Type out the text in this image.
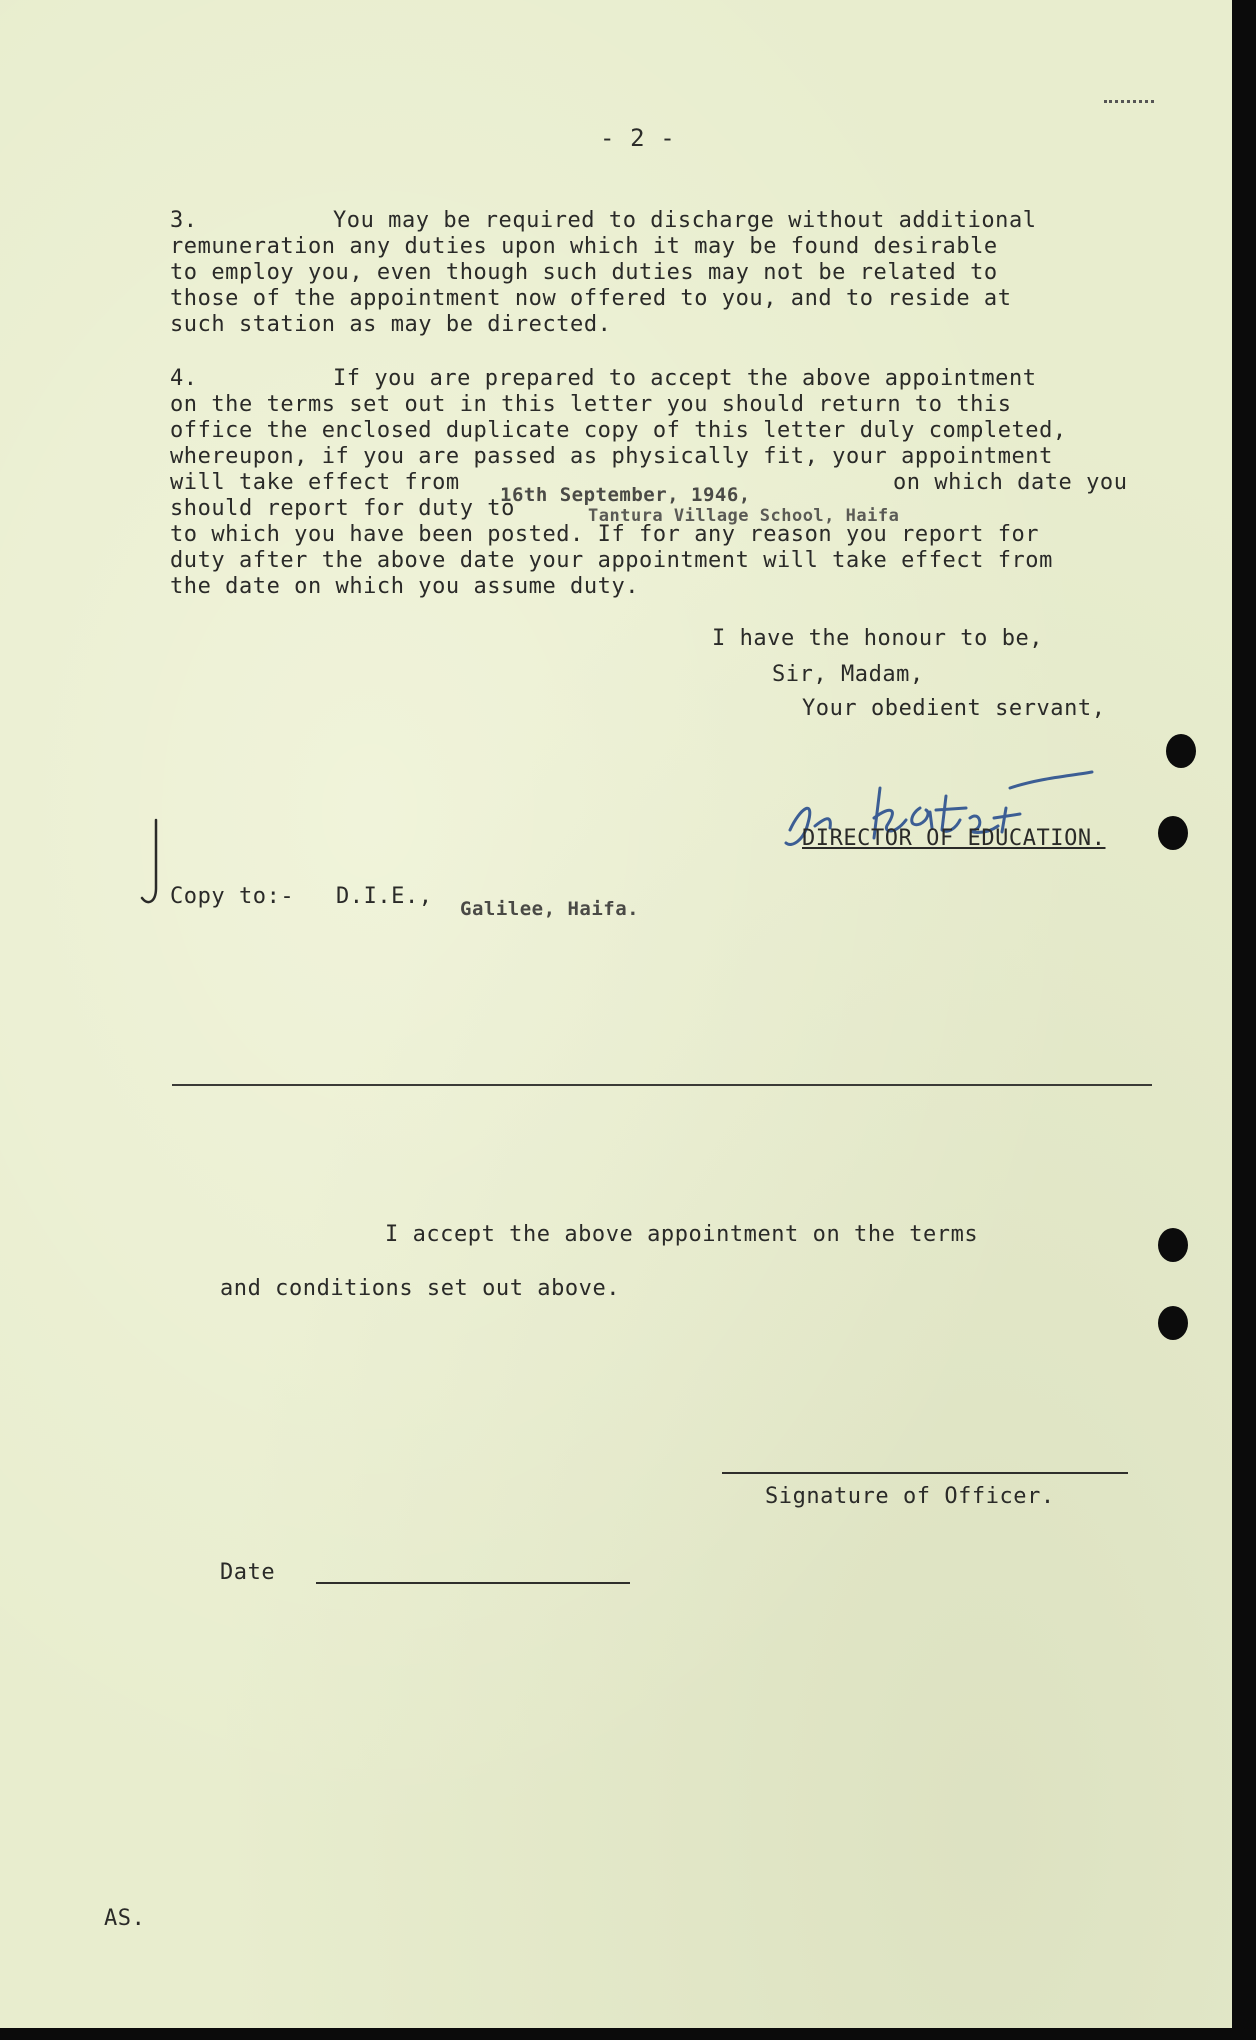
- 2 -
3.	You may be required to discharge without additional
remuneration any duties upon which it may be found desirable
to employ you, even though such duties may not be related to
those of the appointment now offered to you, and to reside at
such station as may be directed.
4.	If you are prepared to accept the above appointment
on the terms set out in this letter you should return to this
office the enclosed duplicate copy of this letter duly completed,
whereupon, if you are passed as physically fit, your appointment
will take effect from	on which date you
should report for duty to
16th September, 1946,
Tantura Village School, Haifa
to which you have been posted. If for any reason you report for
duty after the above date your appointment will take effect from
the date on which you assume duty.
I have the honour to be,
Sir, Madam,
Your obedient servant,
DIRECTOR OF EDUCATION.
Copy to:- D.I.E., Galilee, Haifa.
I accept the above appointment on the terms
and conditions set out above.
Signature of Officer.
Date
AS.
